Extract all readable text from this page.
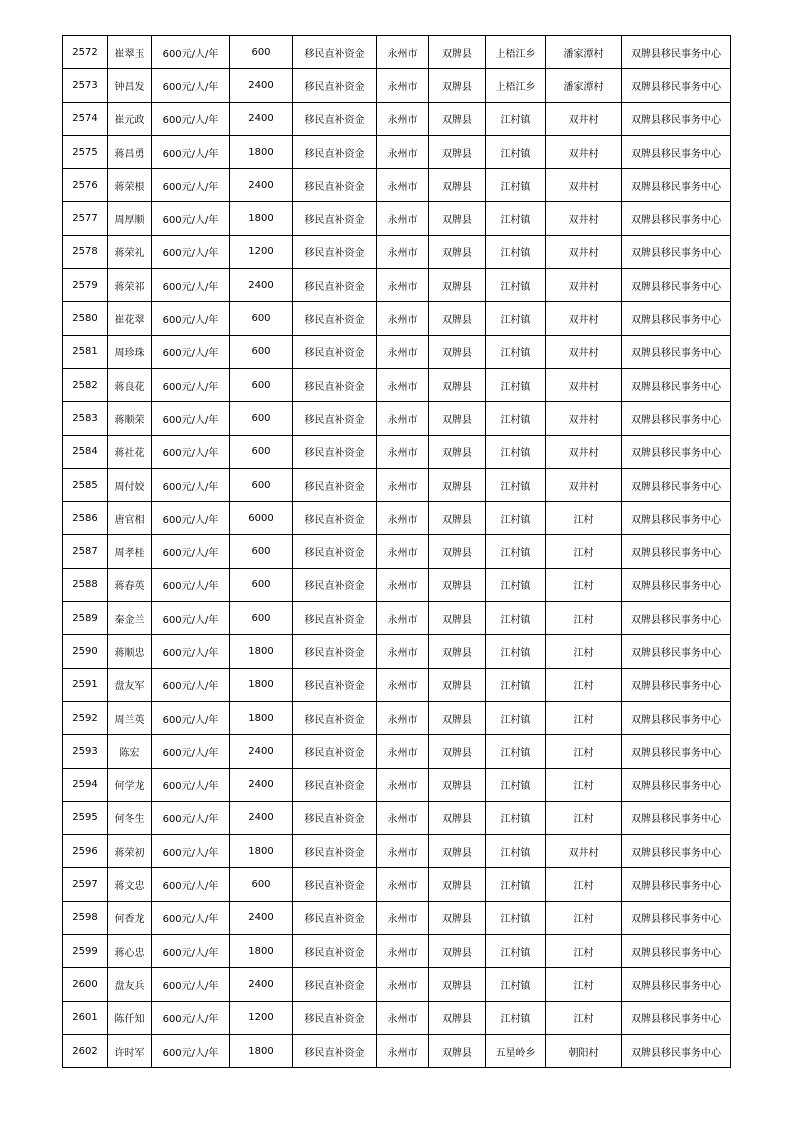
2572	崔翠玉	600元/人/年	600	移民直补资金	永州市	双牌县	上梧江乡	潘家潭村	双牌县移民事务中心
2573	钟昌发	600元/人/年	2400	移民直补资金	永州市	双牌县	上梧江乡	潘家潭村	双牌县移民事务中心
2574	崔元政	600元/人/年	2400	移民直补资金	永州市	双牌县	江村镇	双井村	双牌县移民事务中心
2575	蒋昌勇	600元/人/年	1800	移民直补资金	永州市	双牌县	江村镇	双井村	双牌县移民事务中心
2576	蒋荣根	600元/人/年	2400	移民直补资金	永州市	双牌县	江村镇	双井村	双牌县移民事务中心
2577	周厚顺	600元/人/年	1800	移民直补资金	永州市	双牌县	江村镇	双井村	双牌县移民事务中心
2578	蒋荣礼	600元/人/年	1200	移民直补资金	永州市	双牌县	江村镇	双井村	双牌县移民事务中心
2579	蒋荣祁	600元/人/年	2400	移民直补资金	永州市	双牌县	江村镇	双井村	双牌县移民事务中心
2580	崔花翠	600元/人/年	600	移民直补资金	永州市	双牌县	江村镇	双井村	双牌县移民事务中心
2581	周珍珠	600元/人/年	600	移民直补资金	永州市	双牌县	江村镇	双井村	双牌县移民事务中心
2582	蒋良花	600元/人/年	600	移民直补资金	永州市	双牌县	江村镇	双井村	双牌县移民事务中心
2583	蒋顺荣	600元/人/年	600	移民直补资金	永州市	双牌县	江村镇	双井村	双牌县移民事务中心
2584	蒋社花	600元/人/年	600	移民直补资金	永州市	双牌县	江村镇	双井村	双牌县移民事务中心
2585	周付姣	600元/人/年	600	移民直补资金	永州市	双牌县	江村镇	双井村	双牌县移民事务中心
2586	唐官相	600元/人/年	6000	移民直补资金	永州市	双牌县	江村镇	江村	双牌县移民事务中心
2587	周孝桂	600元/人/年	600	移民直补资金	永州市	双牌县	江村镇	江村	双牌县移民事务中心
2588	蒋春英	600元/人/年	600	移民直补资金	永州市	双牌县	江村镇	江村	双牌县移民事务中心
2589	秦金兰	600元/人/年	600	移民直补资金	永州市	双牌县	江村镇	江村	双牌县移民事务中心
2590	蒋顺忠	600元/人/年	1800	移民直补资金	永州市	双牌县	江村镇	江村	双牌县移民事务中心
2591	盘友军	600元/人/年	1800	移民直补资金	永州市	双牌县	江村镇	江村	双牌县移民事务中心
2592	周兰英	600元/人/年	1800	移民直补资金	永州市	双牌县	江村镇	江村	双牌县移民事务中心
2593	陈宏	600元/人/年	2400	移民直补资金	永州市	双牌县	江村镇	江村	双牌县移民事务中心
2594	何学龙	600元/人/年	2400	移民直补资金	永州市	双牌县	江村镇	江村	双牌县移民事务中心
2595	何冬生	600元/人/年	2400	移民直补资金	永州市	双牌县	江村镇	江村	双牌县移民事务中心
2596	蒋荣初	600元/人/年	1800	移民直补资金	永州市	双牌县	江村镇	双井村	双牌县移民事务中心
2597	蒋文忠	600元/人/年	600	移民直补资金	永州市	双牌县	江村镇	江村	双牌县移民事务中心
2598	何香龙	600元/人/年	2400	移民直补资金	永州市	双牌县	江村镇	江村	双牌县移民事务中心
2599	蒋心忠	600元/人/年	1800	移民直补资金	永州市	双牌县	江村镇	江村	双牌县移民事务中心
2600	盘友兵	600元/人/年	2400	移民直补资金	永州市	双牌县	江村镇	江村	双牌县移民事务中心
2601	陈仟知	600元/人/年	1200	移民直补资金	永州市	双牌县	江村镇	江村	双牌县移民事务中心
2602	许时军	600元/人/年	1800	移民直补资金	永州市	双牌县	五星岭乡	朝阳村	双牌县移民事务中心
